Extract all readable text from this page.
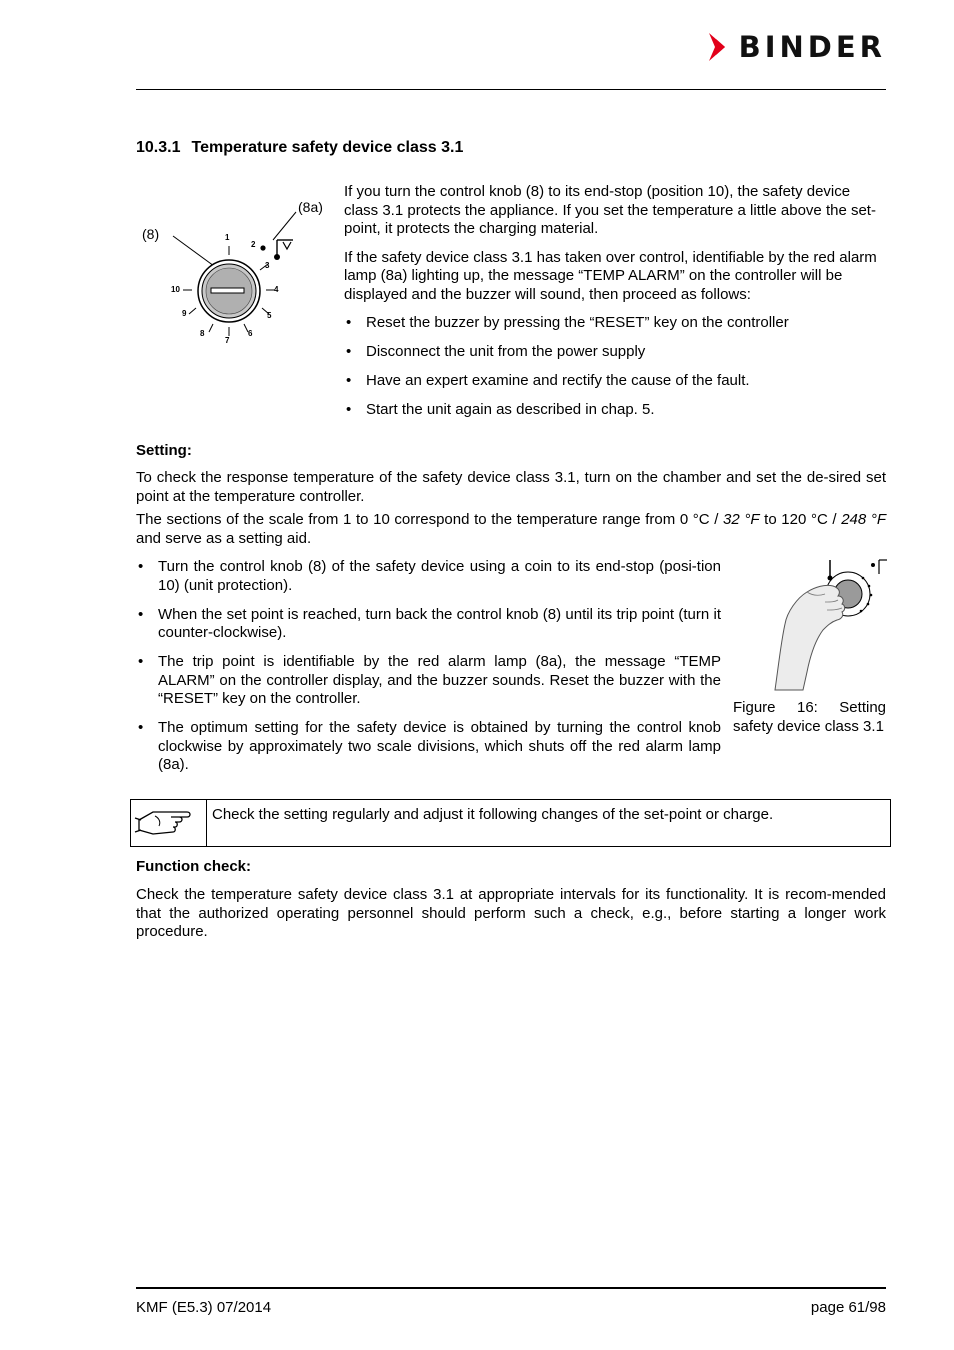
BINDER
10.3.1 Temperature safety device class 3.1
(8)
(8a)
1
2
3
4
5
6
7
8
9
10

If you turn the control knob (8) to its end-stop (position 10), the safety device class 3.1 protects the appliance. If you set the temperature a little above the set-point, it protects the charging material.

If the safety device class 3.1 has taken over control, identifiable by the red alarm lamp (8a) lighting up, the message “TEMP ALARM” on the controller will be displayed and the buzzer will sound, then proceed as follows:

• Reset the buzzer by pressing the “RESET” key on the controller
• Disconnect the unit from the power supply
• Have an expert examine and rectify the cause of the fault.
• Start the unit again as described in chap. 5.

Setting:

To check the response temperature of the safety device class 3.1, turn on the chamber and set the de-sired set point at the temperature controller.

The sections of the scale from 1 to 10 correspond to the temperature range from 0 °C / 32 °F to 120 °C / 248 °F and serve as a setting aid.

• Turn the control knob (8) of the safety device using a coin to its end-stop (posi-tion 10) (unit protection).
• When the set point is reached, turn back the control knob (8) until its trip point (turn it counter-clockwise).
• The trip point is identifiable by the red alarm lamp (8a), the message “TEMP ALARM” on the controller display, and the buzzer sounds. Reset the buzzer with the “RESET” key on the controller.
• The optimum setting for the safety device is obtained by turning the control knob clockwise by approximately two scale divisions, which shuts off the red alarm lamp (8a).

Figure 16: Setting safety device class 3.1

Check the setting regularly and adjust it following changes of the set-point or charge.

Function check:

Check the temperature safety device class 3.1 at appropriate intervals for its functionality. It is recom-mended that the authorized operating personnel should perform such a check, e.g., before starting a longer work procedure.

KMF (E5.3) 07/2014	page 61/98
